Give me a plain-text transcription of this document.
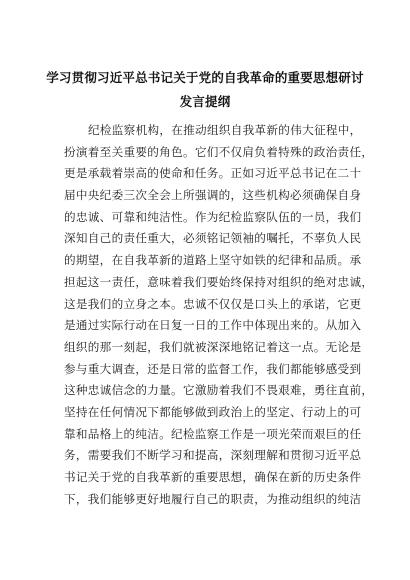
学习贯彻习近平总书记关于党的自我革命的重要思想研讨
发言提纲
纪检监察机构，在推动组织自我革新的伟大征程中，
扮演着至关重要的角色。它们不仅肩负着特殊的政治责任，
更是承载着崇高的使命和任务。正如习近平总书记在二十
届中央纪委三次全会上所强调的，这些机构必须确保自身
的忠诚、可靠和纯洁性。作为纪检监察队伍的一员，我们
深知自己的责任重大，必须铭记领袖的嘱托，不辜负人民
的期望，在自我革新的道路上坚守如铁的纪律和品质。承
担起这一责任，意味着我们要始终保持对组织的绝对忠诚，
这是我们的立身之本。忠诚不仅仅是口头上的承诺，它更
是通过实际行动在日复一日的工作中体现出来的。从加入
组织的那一刻起，我们就被深深地铭记着这一点。无论是
参与重大调查，还是日常的监督工作，我们都能够感受到
这种忠诚信念的力量。它激励着我们不畏艰难，勇往直前，
坚持在任何情况下都能够做到政治上的坚定、行动上的可
靠和品格上的纯洁。纪检监察工作是一项光荣而艰巨的任
务，需要我们不断学习和提高，深刻理解和贯彻习近平总
书记关于党的自我革新的重要思想，确保在新的历史条件
下，我们能够更好地履行自己的职责，为推动组织的纯洁
